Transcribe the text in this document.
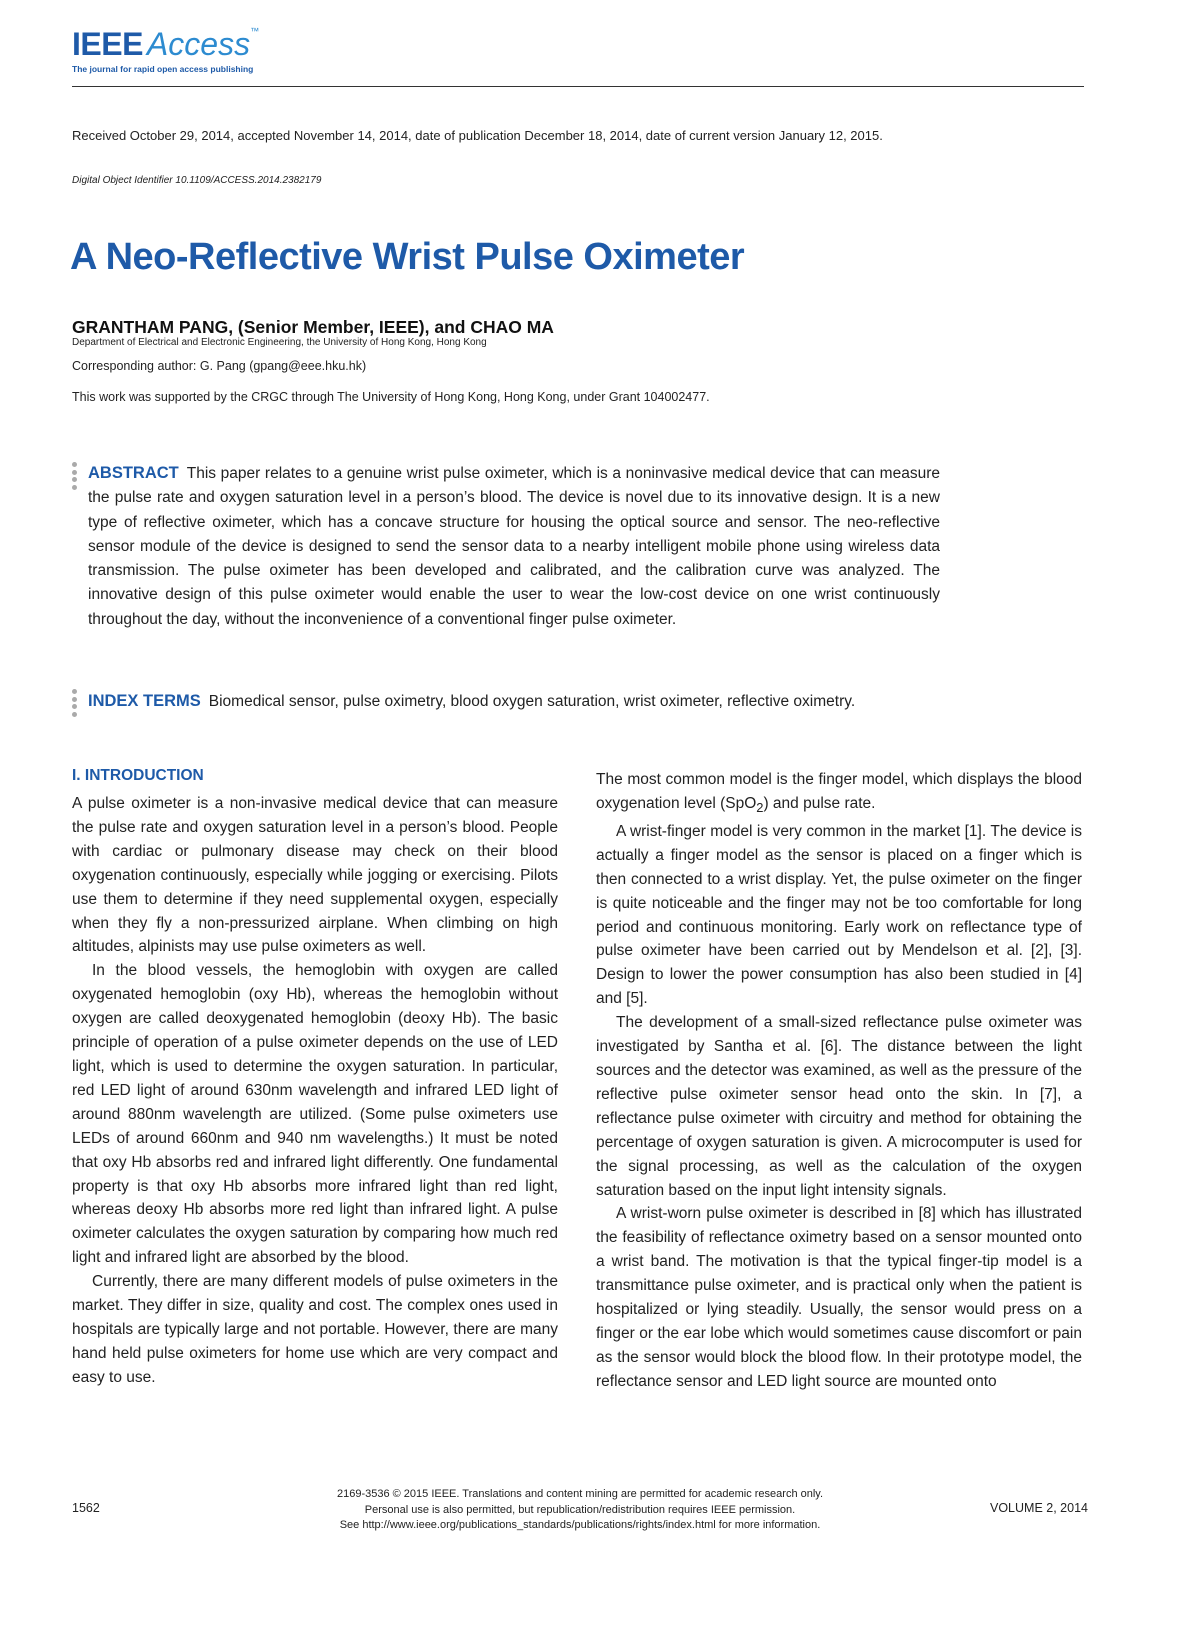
IEEE Access™
The journal for rapid open access publishing
Received October 29, 2014, accepted November 14, 2014, date of publication December 18, 2014, date of current version January 12, 2015.
Digital Object Identifier 10.1109/ACCESS.2014.2382179
A Neo-Reflective Wrist Pulse Oximeter
GRANTHAM PANG, (Senior Member, IEEE), and CHAO MA
Department of Electrical and Electronic Engineering, the University of Hong Kong, Hong Kong
Corresponding author: G. Pang (gpang@eee.hku.hk)
This work was supported by the CRGC through The University of Hong Kong, Hong Kong, under Grant 104002477.
ABSTRACT This paper relates to a genuine wrist pulse oximeter, which is a noninvasive medical device that can measure the pulse rate and oxygen saturation level in a person’s blood. The device is novel due to its innovative design. It is a new type of reflective oximeter, which has a concave structure for housing the optical source and sensor. The neo-reflective sensor module of the device is designed to send the sensor data to a nearby intelligent mobile phone using wireless data transmission. The pulse oximeter has been developed and calibrated, and the calibration curve was analyzed. The innovative design of this pulse oximeter would enable the user to wear the low-cost device on one wrist continuously throughout the day, without the inconvenience of a conventional finger pulse oximeter.
INDEX TERMS Biomedical sensor, pulse oximetry, blood oxygen saturation, wrist oximeter, reflective oximetry.
I. INTRODUCTION

A pulse oximeter is a non-invasive medical device that can measure the pulse rate and oxygen saturation level in a person’s blood. People with cardiac or pulmonary disease may check on their blood oxygenation continuously, especially while jogging or exercising. Pilots use them to determine if they need supplemental oxygen, especially when they fly a non-pressurized airplane. When climbing on high altitudes, alpinists may use pulse oximeters as well.

In the blood vessels, the hemoglobin with oxygen are called oxygenated hemoglobin (oxy Hb), whereas the hemoglobin without oxygen are called deoxygenated hemoglobin (deoxy Hb). The basic principle of operation of a pulse oximeter depends on the use of LED light, which is used to determine the oxygen saturation. In particular, red LED light of around 630nm wavelength and infrared LED light of around 880nm wavelength are utilized. (Some pulse oximeters use LEDs of around 660nm and 940 nm wavelengths.) It must be noted that oxy Hb absorbs red and infrared light differently. One fundamental property is that oxy Hb absorbs more infrared light than red light, whereas deoxy Hb absorbs more red light than infrared light. A pulse oximeter calculates the oxygen saturation by comparing how much red light and infrared light are absorbed by the blood.

Currently, there are many different models of pulse oximeters in the market. They differ in size, quality and cost. The complex ones used in hospitals are typically large and not portable. However, there are many hand held pulse oximeters for home use which are very compact and easy to use.

The most common model is the finger model, which displays the blood oxygenation level (SpO$_2$) and pulse rate.

A wrist-finger model is very common in the market [1]. The device is actually a finger model as the sensor is placed on a finger which is then connected to a wrist display. Yet, the pulse oximeter on the finger is quite noticeable and the finger may not be too comfortable for long period and continuous monitoring. Early work on reflectance type of pulse oximeter have been carried out by Mendelson et al. [2], [3]. Design to lower the power consumption has also been studied in [4] and [5].

The development of a small-sized reflectance pulse oximeter was investigated by Santha et al. [6]. The distance between the light sources and the detector was examined, as well as the pressure of the reflective pulse oximeter sensor head onto the skin. In [7], a reflectance pulse oximeter with circuitry and method for obtaining the percentage of oxygen saturation is given. A microcomputer is used for the signal processing, as well as the calculation of the oxygen saturation based on the input light intensity signals.

A wrist-worn pulse oximeter is described in [8] which has illustrated the feasibility of reflectance oximetry based on a sensor mounted onto a wrist band. The motivation is that the typical finger-tip model is a transmittance pulse oximeter, and is practical only when the patient is hospitalized or lying steadily. Usually, the sensor would press on a finger or the ear lobe which would sometimes cause discomfort or pain as the sensor would block the blood flow. In their prototype model, the reflectance sensor and LED light source are mounted onto

1562
2169-3536 © 2015 IEEE. Translations and content mining are permitted for academic research only.
Personal use is also permitted, but republication/redistribution requires IEEE permission.
See http://www.ieee.org/publications_standards/publications/rights/index.html for more information.
VOLUME 2, 2014
